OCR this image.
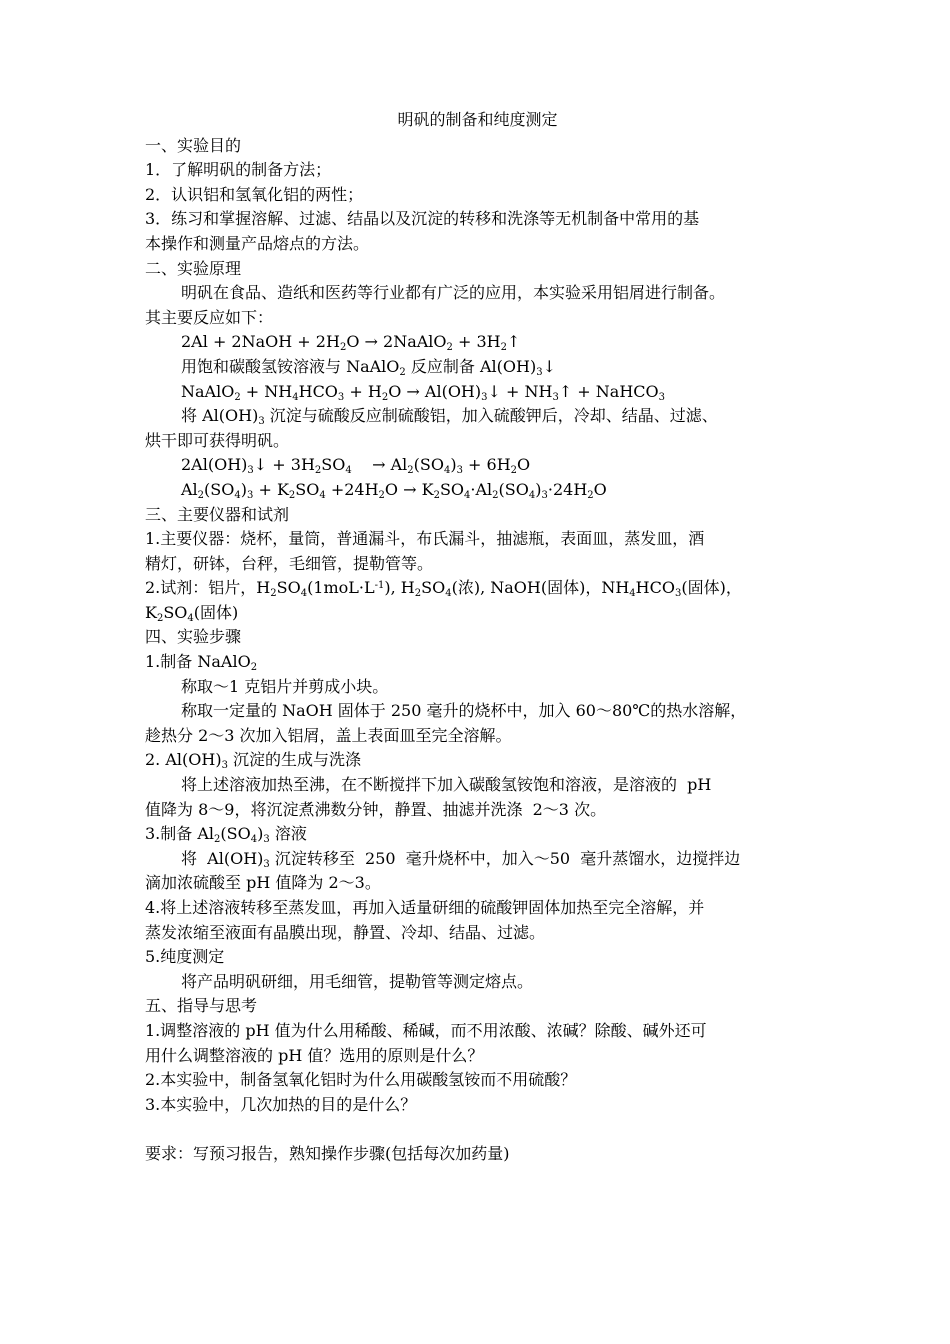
明矾的制备和纯度测定
一、实验目的
1．了解明矾的制备方法；
2．认识铝和氢氧化铝的两性；
3．练习和掌握溶解、过滤、结晶以及沉淀的转移和洗涤等无机制备中常用的基
本操作和测量产品熔点的方法。
二、实验原理
明矾在食品、造纸和医药等行业都有广泛的应用，本实验采用铝屑进行制备。
其主要反应如下：
2Al + 2NaOH + $2H_2O$ → 2NaAlO$_2$ + $3H_2↑$
用饱和碳酸氢铵溶液与 NaAlO$_2$ 反应制备 $Al(OH)_3↓$
NaAlO$_2$ + $NH_4HCO_3 + H_2O$ → $Al(OH)_3↓$ + $NH_3↑$ + NaHCO$_3$
将 $Al(OH)_3$ 沉淀与硫酸反应制硫酸铝，加入硫酸钾后，冷却、结晶、过滤、
烘干即可获得明矾。
$2Al(OH)_3↓ + 3H_2SO_4$    → $Al_2(SO_4)_3 + 6H_2O$
$Al_2(SO_4)_3 + K_2SO_4 +24H_2O \to K_2SO_4\cdot Al_2(SO_4)_3\cdot 24H_2O$
三、主要仪器和试剂
1.主要仪器：烧杯，量筒，普通漏斗，布氏漏斗，抽滤瓶，表面皿，蒸发皿，酒
精灯，研钵，台秤，毛细管，提勒管等。
2.试剂：铝片，$H_2SO_4(1moL\cdot L^{-1})$, $H_2SO_4$(浓), NaOH(固体)，$NH_4HCO_3$(固体)，
$K_2SO_4$(固体)
四、实验步骤
1.制备 NaAlO$_2$
称取～1 克铝片并剪成小块。
称取一定量的 NaOH 固体于 250 毫升的烧杯中，加入 60～80℃的热水溶解，
趁热分 2～3 次加入铝屑，盖上表面皿至完全溶解。
2. $Al(OH)_3$ 沉淀的生成与洗涤
将上述溶液加热至沸，在不断搅拌下加入碳酸氢铵饱和溶液，是溶液的  pH
值降为 8～9，将沉淀煮沸数分钟，静置、抽滤并洗涤  2～3 次。
3.制备 $Al_2(SO_4)_3$ 溶液
将  $Al(OH)_3$ 沉淀转移至  250  毫升烧杯中，加入～50  毫升蒸馏水，边搅拌边
滴加浓硫酸至 pH 值降为 2～3。
4.将上述溶液转移至蒸发皿，再加入适量研细的硫酸钾固体加热至完全溶解，并
蒸发浓缩至液面有晶膜出现，静置、冷却、结晶、过滤。
5.纯度测定
将产品明矾研细，用毛细管，提勒管等测定熔点。
五、指导与思考
1.调整溶液的 pH 值为什么用稀酸、稀碱，而不用浓酸、浓碱？除酸、碱外还可
用什么调整溶液的 pH 值？选用的原则是什么？
2.本实验中，制备氢氧化铝时为什么用碳酸氢铵而不用硫酸？
3.本实验中，几次加热的目的是什么？
要求：写预习报告，熟知操作步骤(包括每次加药量)
